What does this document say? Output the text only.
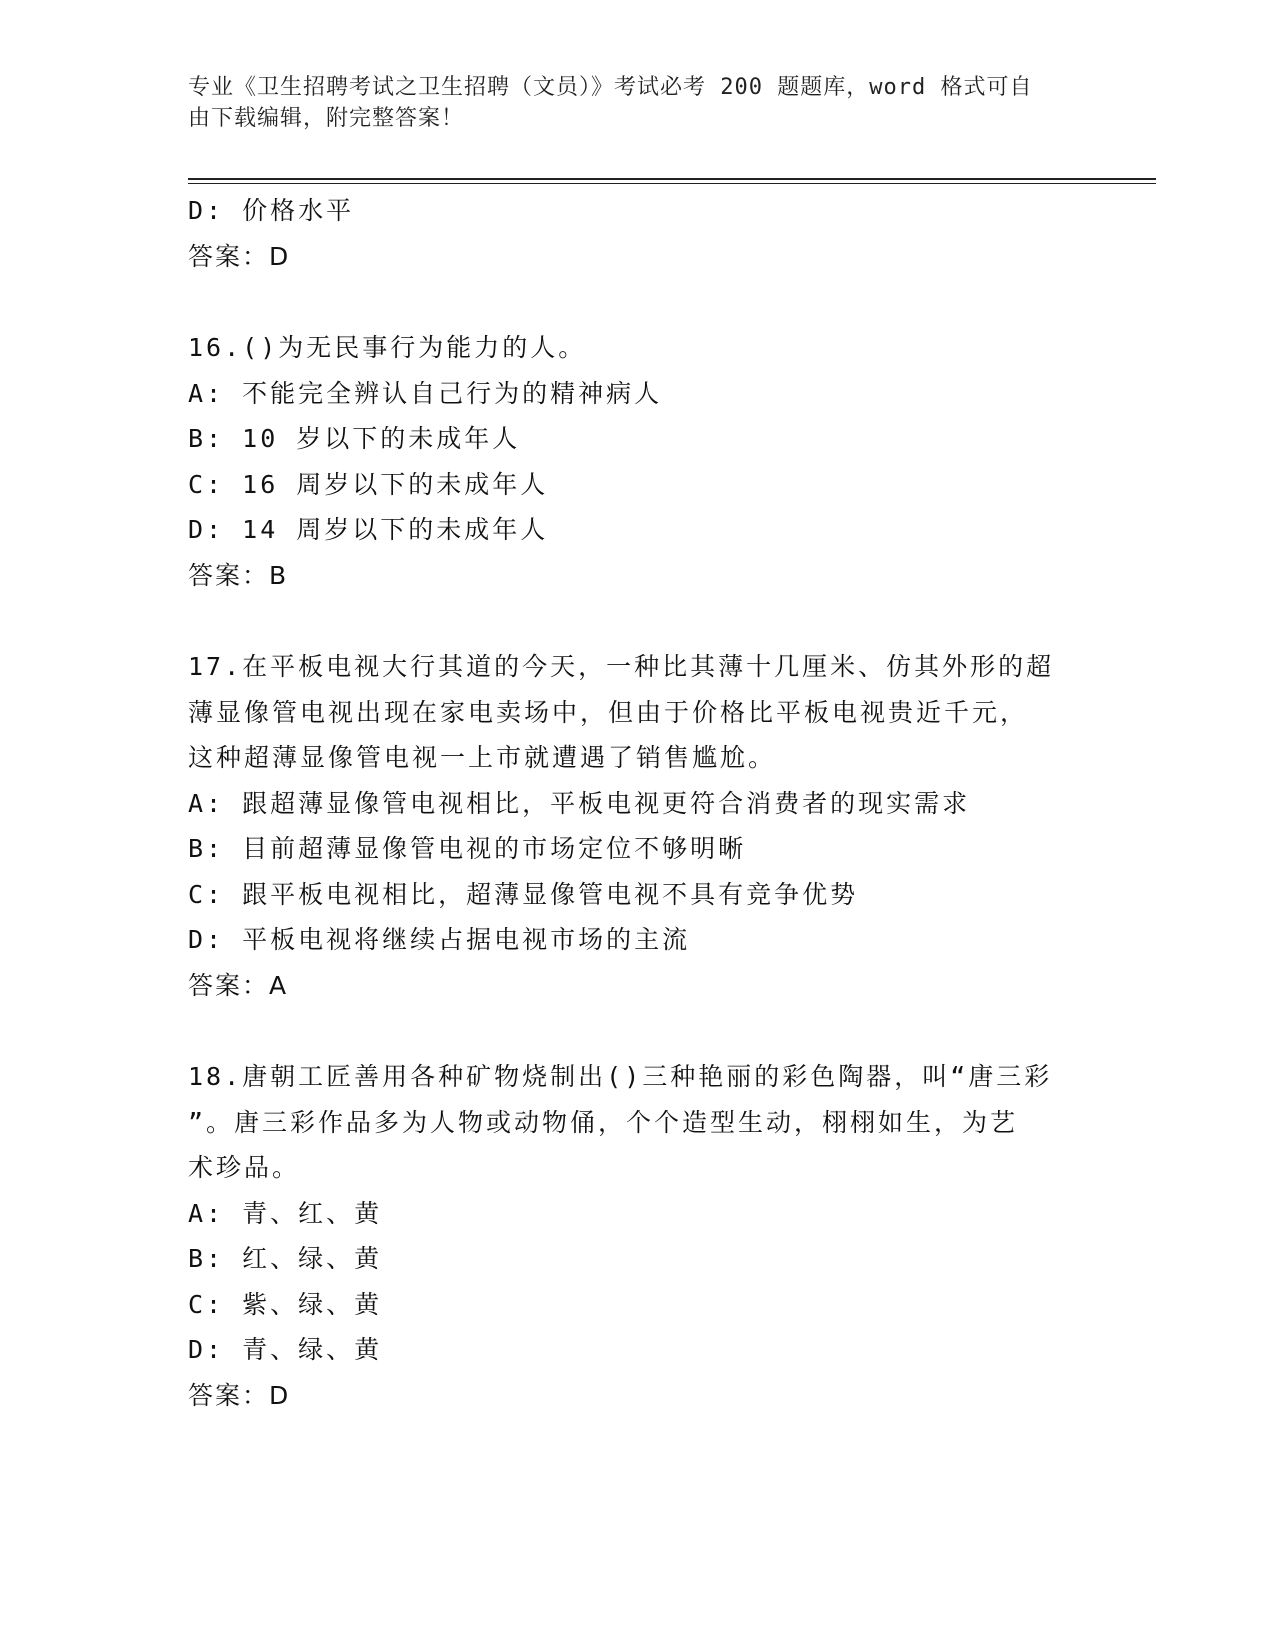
专业《卫生招聘考试之卫生招聘（文员）》考试必考 200 题题库，word 格式可自
由下载编辑，附完整答案！
D: 价格水平
答案：D
16.()为无民事行为能力的人。
A: 不能完全辨认自己行为的精神病人
B: 10 岁以下的未成年人
C: 16 周岁以下的未成年人
D: 14 周岁以下的未成年人
答案：B
17.在平板电视大行其道的今天，一种比其薄十几厘米、仿其外形的超
薄显像管电视出现在家电卖场中，但由于价格比平板电视贵近千元，
这种超薄显像管电视一上市就遭遇了销售尴尬。
A: 跟超薄显像管电视相比，平板电视更符合消费者的现实需求
B: 目前超薄显像管电视的市场定位不够明晰
C: 跟平板电视相比，超薄显像管电视不具有竞争优势
D: 平板电视将继续占据电视市场的主流
答案：A
18.唐朝工匠善用各种矿物烧制出()三种艳丽的彩色陶器，叫“唐三彩
”。唐三彩作品多为人物或动物俑，个个造型生动，栩栩如生，为艺
术珍品。
A: 青、红、黄
B: 红、绿、黄
C: 紫、绿、黄
D: 青、绿、黄
答案：D
